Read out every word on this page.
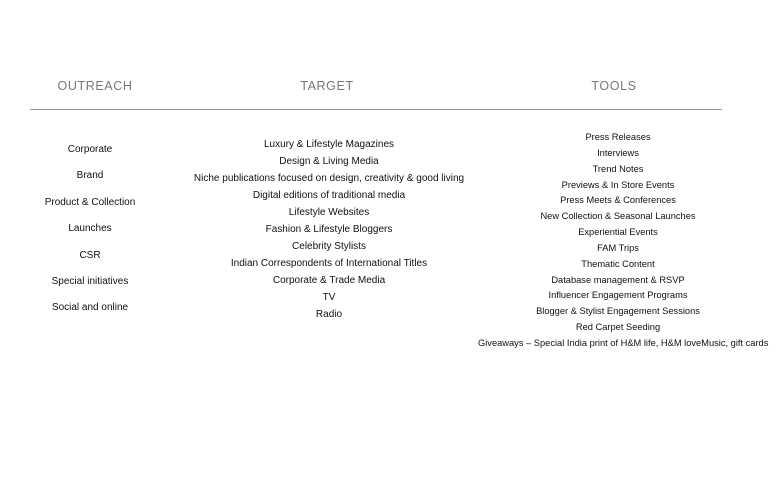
OUTREACH	TARGET	TOOLS
Corporate
Brand
Product & Collection
Launches
CSR
Special initiatives
Social and online
Luxury & Lifestyle Magazines
Design & Living Media
Niche publications focused on design, creativity & good living
Digital editions of traditional media
Lifestyle Websites
Fashion & Lifestyle Bloggers
Celebrity Stylists
Indian Correspondents of International Titles
Corporate & Trade Media
TV
Radio
Press Releases
Interviews
Trend Notes
Previews & In Store Events
Press Meets & Conferences
New Collection & Seasonal Launches
Experiential Events
FAM Trips
Thematic Content
Database management & RSVP
Influencer Engagement Programs
Blogger & Stylist Engagement Sessions
Red Carpet Seeding
Giveaways – Special India print of H&M life, H&M loveMusic, gift cards
